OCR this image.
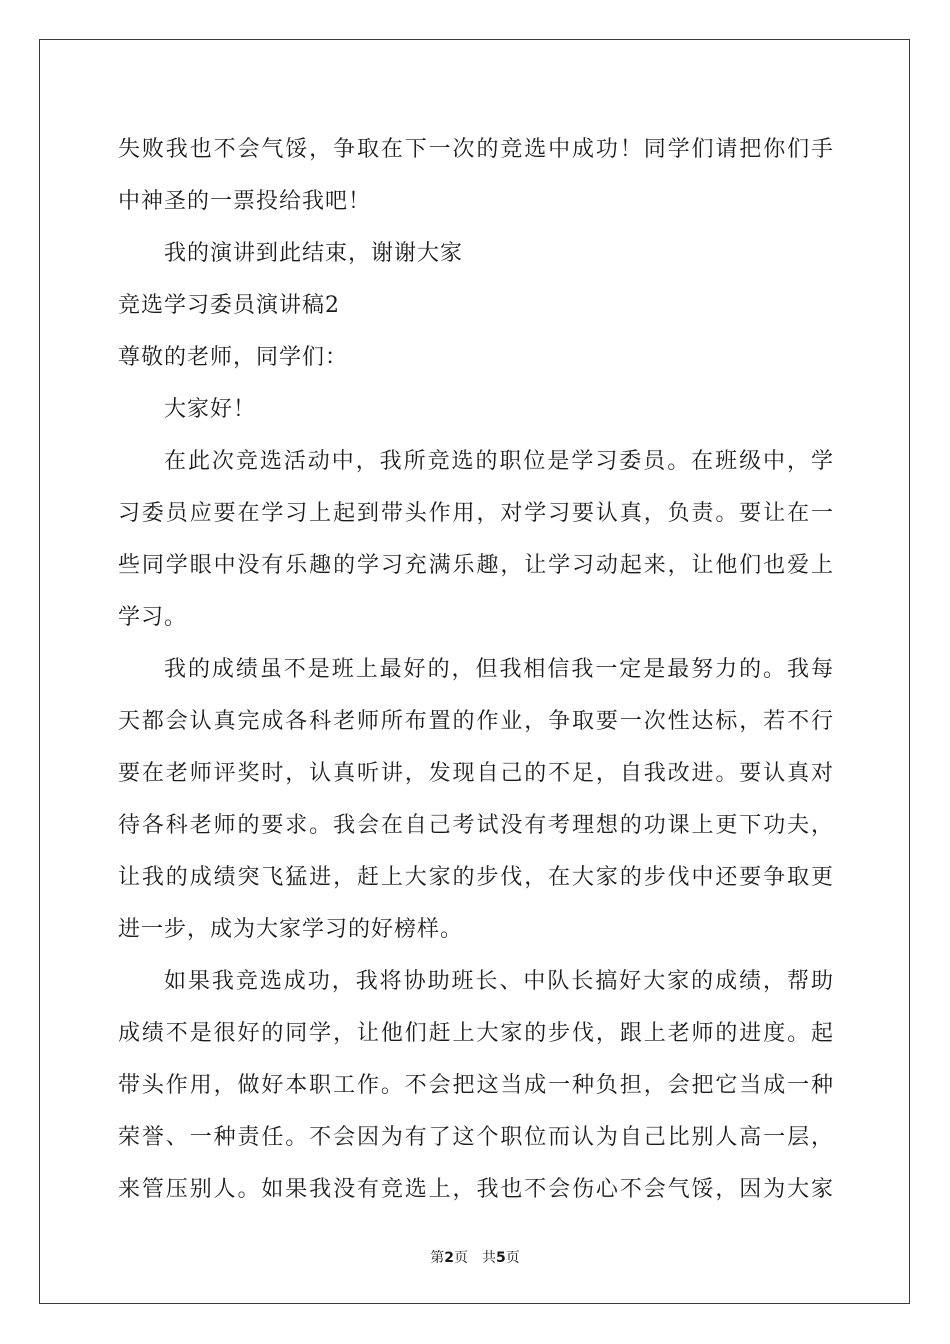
失败我也不会气馁，争取在下一次的竞选中成功！同学们请把你们手
中神圣的一票投给我吧！
我的演讲到此结束，谢谢大家
竞选学习委员演讲稿2
尊敬的老师，同学们：
大家好！
在此次竞选活动中，我所竞选的职位是学习委员。在班级中，学
习委员应要在学习上起到带头作用，对学习要认真，负责。要让在一
些同学眼中没有乐趣的学习充满乐趣，让学习动起来，让他们也爱上
学习。
我的成绩虽不是班上最好的，但我相信我一定是最努力的。我每
天都会认真完成各科老师所布置的作业，争取要一次性达标，若不行
要在老师评奖时，认真听讲，发现自己的不足，自我改进。要认真对
待各科老师的要求。我会在自己考试没有考理想的功课上更下功夫，
让我的成绩突飞猛进，赶上大家的步伐，在大家的步伐中还要争取更
进一步，成为大家学习的好榜样。
如果我竞选成功，我将协助班长、中队长搞好大家的成绩，帮助
成绩不是很好的同学，让他们赶上大家的步伐，跟上老师的进度。起
带头作用，做好本职工作。不会把这当成一种负担，会把它当成一种
荣誉、一种责任。不会因为有了这个职位而认为自己比别人高一层，
来管压别人。如果我没有竞选上，我也不会伤心不会气馁，因为大家
第2页 共5页
